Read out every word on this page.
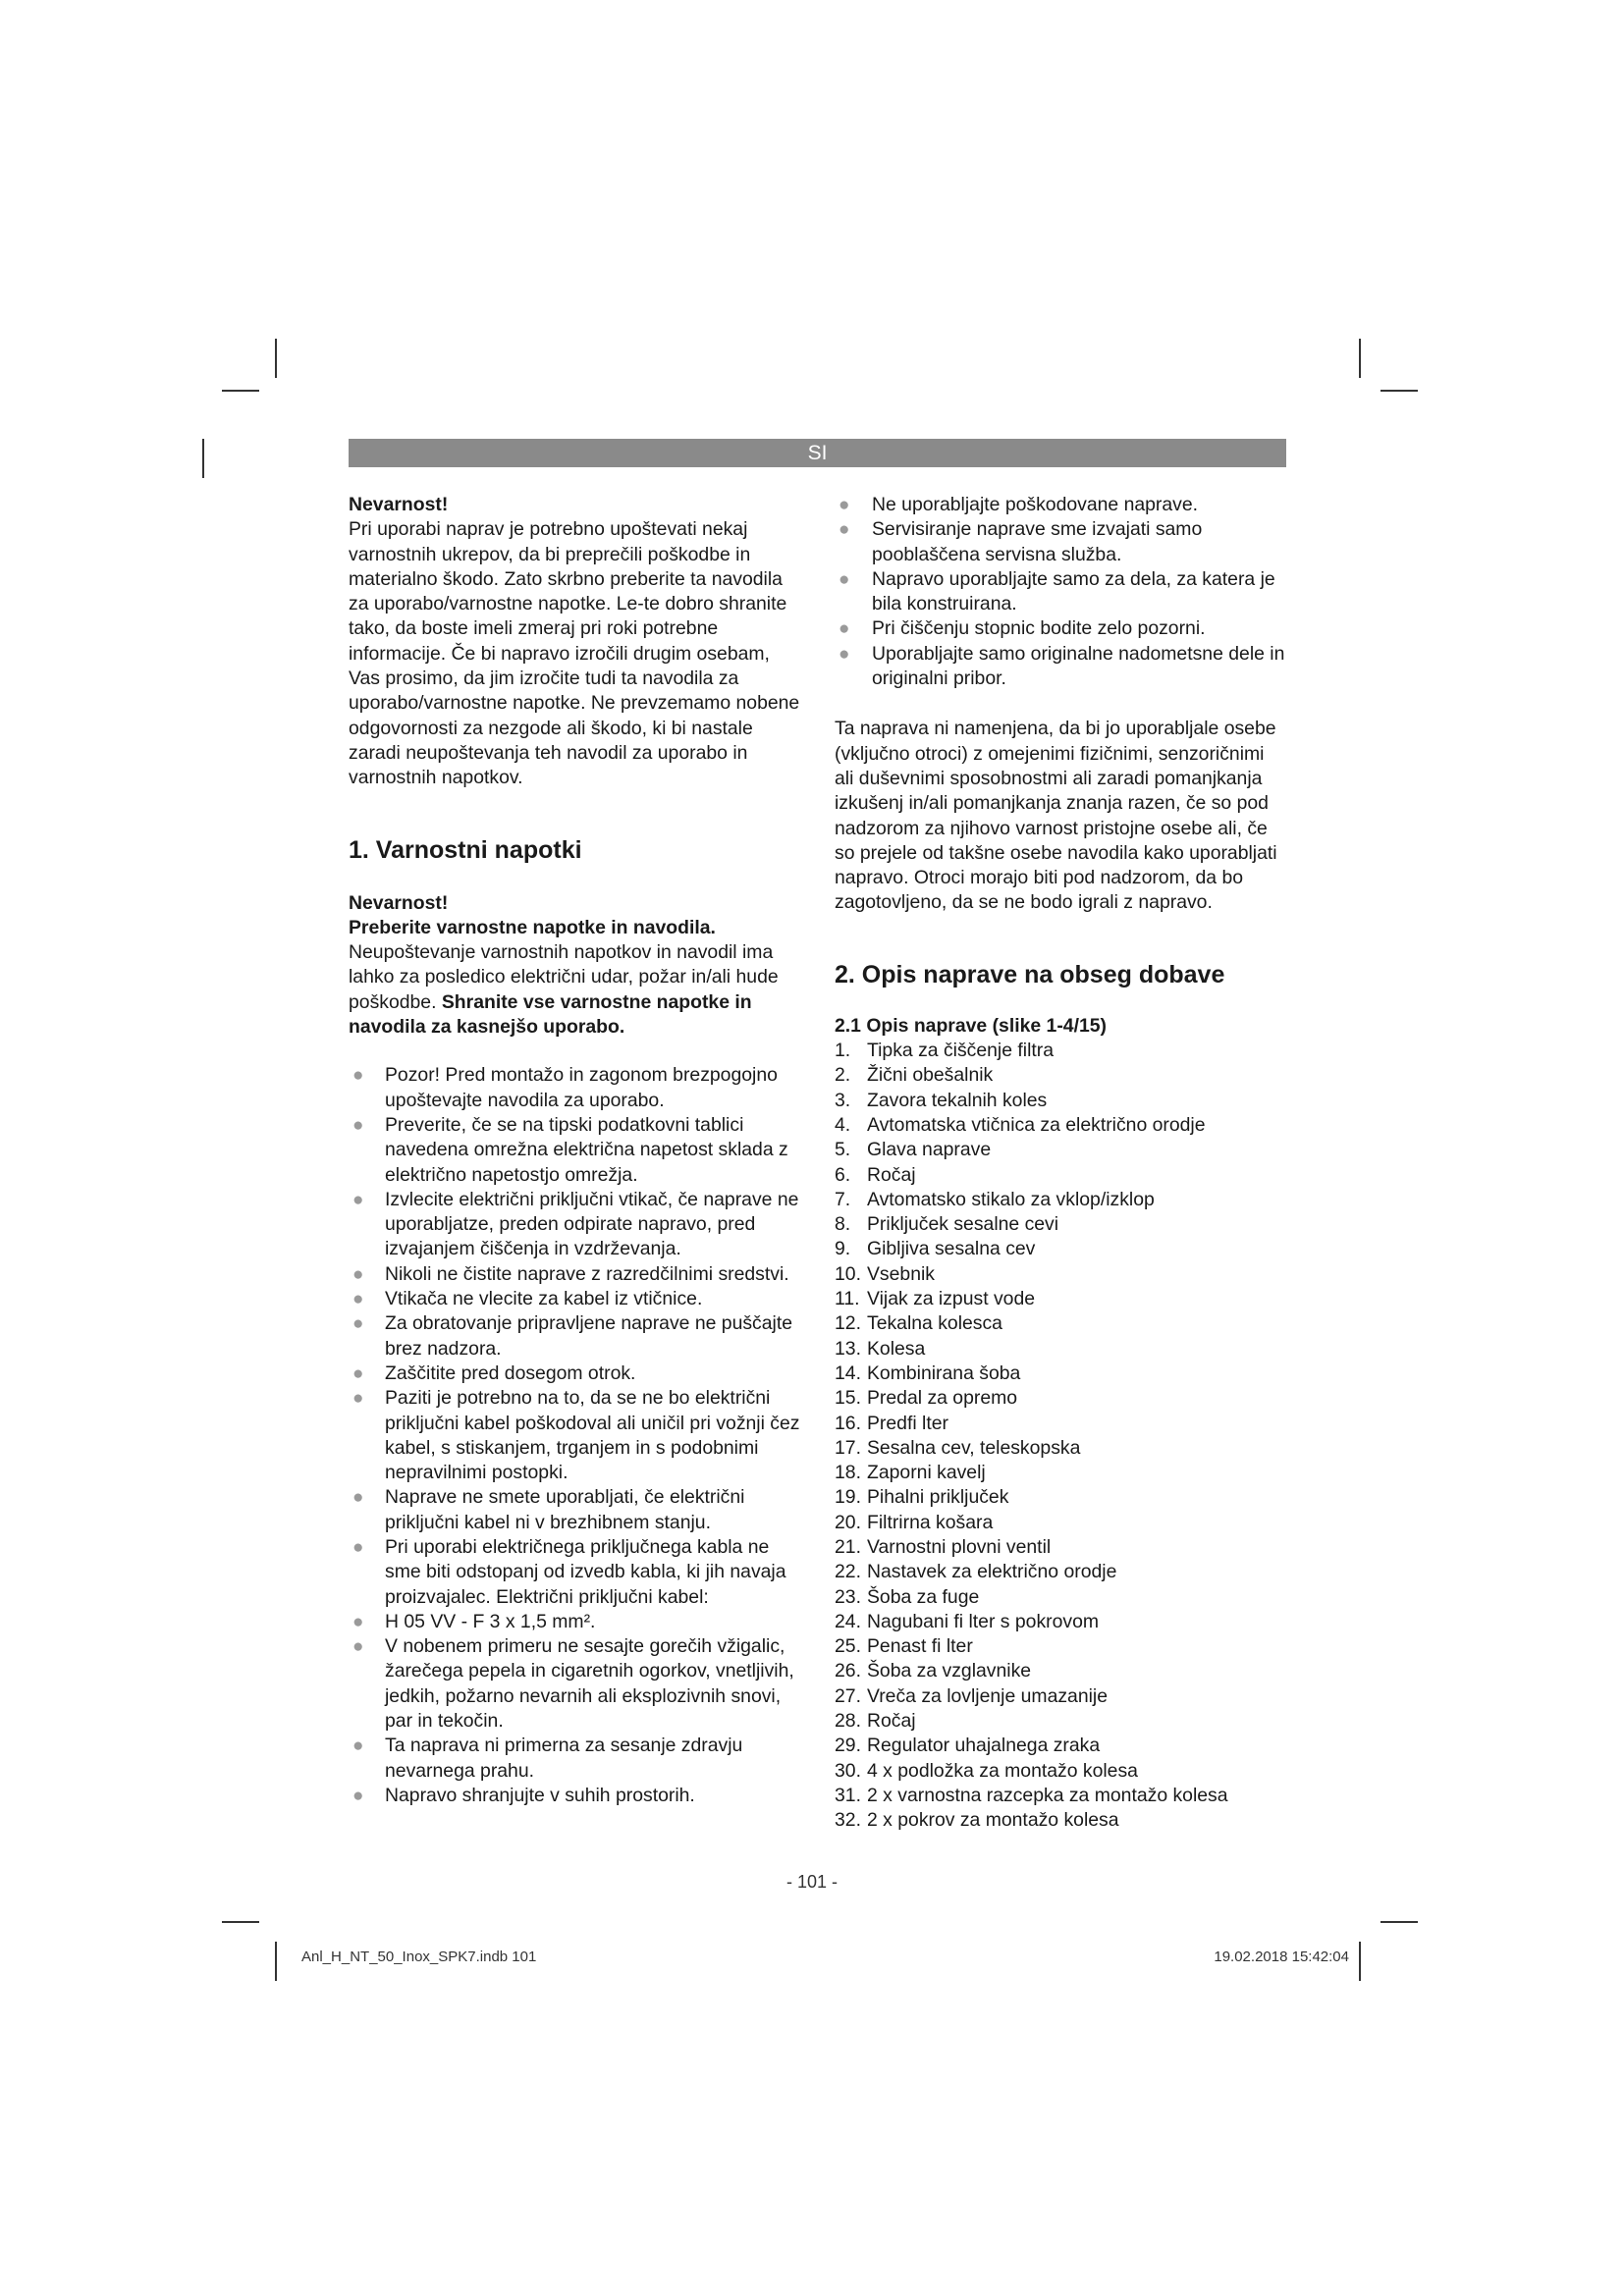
SI

Nevarnost!

Pri uporabi naprav je potrebno upoštevati nekaj varnostnih ukrepov, da bi preprečili poškodbe in materialno škodo. Zato skrbno preberite ta navodila za uporabo/varnostne napotke. Le-te dobro shranite tako, da boste imeli zmeraj pri roki potrebne informacije. Če bi napravo izročili drugim osebam, Vas prosimo, da jim izročite tudi ta navodila za uporabo/varnostne napotke. Ne prevzemamo nobene odgovornosti za nezgode ali škodo, ki bi nastale zaradi neupoštevanja teh navodil za uporabo in varnostnih napotkov.

1. Varnostni napotki

Nevarnost!

Preberite varnostne napotke in navodila.

Neupoštevanje varnostnih napotkov in navodil ima lahko za posledico električni udar, požar in/ali hude poškodbe. Shranite vse varnostne napotke in navodila za kasnejšo uporabo.

● Pozor! Pred montažo in zagonom brezpogojno upoštevajte navodila za uporabo.
● Preverite, če se na tipski podatkovni tablici navedena omrežna električna napetost sklada z električno napetostjo omrežja.
● Izvlecite električni priključni vtikač, če naprave ne uporabljatze, preden odpirate napravo, pred izvajanjem čiščenja in vzdrževanja.
● Nikoli ne čistite naprave z razredčilnimi sredstvi.
● Vtikača ne vlecite za kabel iz vtičnice.
● Za obratovanje pripravljene naprave ne puščajte brez nadzora.
● Zaščitite pred dosegom otrok.
● Paziti je potrebno na to, da se ne bo električni priključni kabel poškodoval ali uničil pri vožnji čez kabel, s stiskanjem, trganjem in s podobnimi nepravilnimi postopki.
● Naprave ne smete uporabljati, če električni priključni kabel ni v brezhibnem stanju.
● Pri uporabi električnega priključnega kabla ne sme biti odstopanj od izvedb kabla, ki jih navaja proizvajalec. Električni priključni kabel:
● H 05 VV - F 3 x 1,5 mm².
● V nobenem primeru ne sesajte gorečih vžigalic, žarečega pepela in cigaretnih ogorkov, vnetljivih, jedkih, požarno nevarnih ali eksplozivnih snovi, par in tekočin.
● Ta naprava ni primerna za sesanje zdravju nevarnega prahu.
● Napravo shranjujte v suhih prostorih.
● Ne uporabljajte poškodovane naprave.
● Servisiranje naprave sme izvajati samo pooblaščena servisna služba.
● Napravo uporabljajte samo za dela, za katera je bila konstruirana.
● Pri čiščenju stopnic bodite zelo pozorni.
● Uporabljajte samo originalne nadometsne dele in originalni pribor.

Ta naprava ni namenjena, da bi jo uporabljale osebe (vključno otroci) z omejenimi fizičnimi, senzoričnimi ali duševnimi sposobnostmi ali zaradi pomanjkanja izkušenj in/ali pomanjkanja znanja razen, če so pod nadzorom za njihovo varnost pristojne osebe ali, če so prejele od takšne osebe navodila kako uporabljati napravo. Otroci morajo biti pod nadzorom, da bo zagotovljeno, da se ne bodo igrali z napravo.

2. Opis naprave na obseg dobave

2.1 Opis naprave (slike 1-4/15)

1. Tipka za čiščenje filtra
2. Žični obešalnik
3. Zavora tekalnih koles
4. Avtomatska vtičnica za električno orodje
5. Glava naprave
6. Ročaj
7. Avtomatsko stikalo za vklop/izklop
8. Priključek sesalne cevi
9. Gibljiva sesalna cev
10. Vsebnik
11. Vijak za izpust vode
12. Tekalna kolesca
13. Kolesa
14. Kombinirana šoba
15. Predal za opremo
16. Predfi lter
17. Sesalna cev, teleskopska
18. Zaporni kavelj
19. Pihalni priključek
20. Filtrirna košara
21. Varnostni plovni ventil
22. Nastavek za električno orodje
23. Šoba za fuge
24. Nagubani fi lter s pokrovom
25. Penast fi lter
26. Šoba za vzglavnike
27. Vreča za lovljenje umazanije
28. Ročaj
29. Regulator uhajalnega zraka
30. 4 x podložka za montažo kolesa
31. 2 x varnostna razcepka za montažo kolesa
32. 2 x pokrov za montažo kolesa
- 101 -
Anl_H_NT_50_Inox_SPK7.indb 101	19.02.2018 15:42:04
